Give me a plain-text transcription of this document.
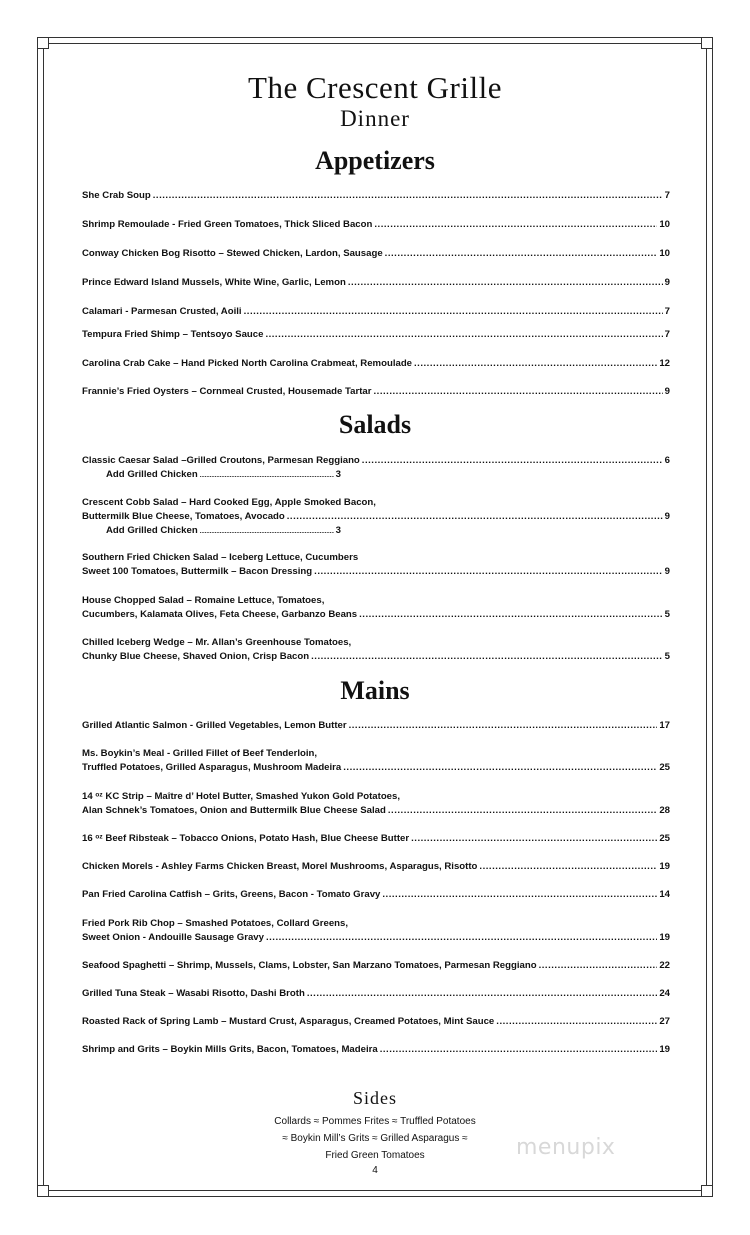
The Crescent Grille
Dinner
Appetizers
She Crab Soup .....	7
Shrimp Remoulade - Fried Green Tomatoes, Thick Sliced Bacon .....	10
Conway Chicken Bog Risotto – Stewed Chicken, Lardon, Sausage .....	10
Prince Edward Island Mussels, White Wine, Garlic, Lemon .....	9
Calamari - Parmesan Crusted, Aoili .....	7
Tempura Fried Shimp – Tentsoyo Sauce .....	7
Carolina Crab Cake – Hand Picked North Carolina Crabmeat, Remoulade .....	12
Frannie’s Fried Oysters – Cornmeal Crusted, Housemade Tartar .....	9
Salads
Classic Caesar Salad –Grilled Croutons, Parmesan Reggiano .....	6
Add Grilled Chicken .....	3
Crescent Cobb Salad – Hard Cooked Egg, Apple Smoked Bacon,
Buttermilk Blue Cheese, Tomatoes, Avocado .....	9
Add Grilled Chicken .....	3
Southern Fried Chicken Salad – Iceberg Lettuce, Cucumbers
Sweet 100 Tomatoes, Buttermilk – Bacon Dressing .....	9
House Chopped Salad – Romaine Lettuce, Tomatoes,
Cucumbers, Kalamata Olives, Feta Cheese, Garbanzo Beans .....	5
Chilled Iceberg Wedge – Mr. Allan’s Greenhouse Tomatoes,
Chunky Blue Cheese, Shaved Onion, Crisp Bacon .....	5
Mains
Grilled Atlantic Salmon - Grilled Vegetables, Lemon Butter .....	17
Ms. Boykin’s Meal - Grilled Fillet of Beef Tenderloin,
Truffled Potatoes, Grilled Asparagus, Mushroom Madeira .....	25
14 ᵒᶻ KC Strip – Maître d’ Hotel Butter, Smashed Yukon Gold Potatoes,
Alan Schnek’s Tomatoes, Onion and Buttermilk Blue Cheese Salad .....	28
16 ᵒᶻ Beef Ribsteak – Tobacco Onions, Potato Hash, Blue Cheese Butter .....	25
Chicken Morels - Ashley Farms Chicken Breast, Morel Mushrooms, Asparagus, Risotto .....	19
Pan Fried Carolina Catfish – Grits, Greens, Bacon - Tomato Gravy .....	14
Fried Pork Rib Chop – Smashed Potatoes, Collard Greens,
Sweet Onion - Andouille Sausage Gravy .....	19
Seafood Spaghetti – Shrimp, Mussels, Clams, Lobster, San Marzano Tomatoes, Parmesan Reggiano .....	22
Grilled Tuna Steak – Wasabi Risotto, Dashi Broth .....	24
Roasted Rack of Spring Lamb – Mustard Crust, Asparagus, Creamed Potatoes, Mint Sauce .....	27
Shrimp and Grits – Boykin Mills Grits, Bacon, Tomatoes, Madeira .....	19
Sides
Collards ≈ Pommes Frites ≈ Truffled Potatoes
≈ Boykin Mill’s Grits ≈ Grilled Asparagus ≈
Fried Green Tomatoes
4
menupix
